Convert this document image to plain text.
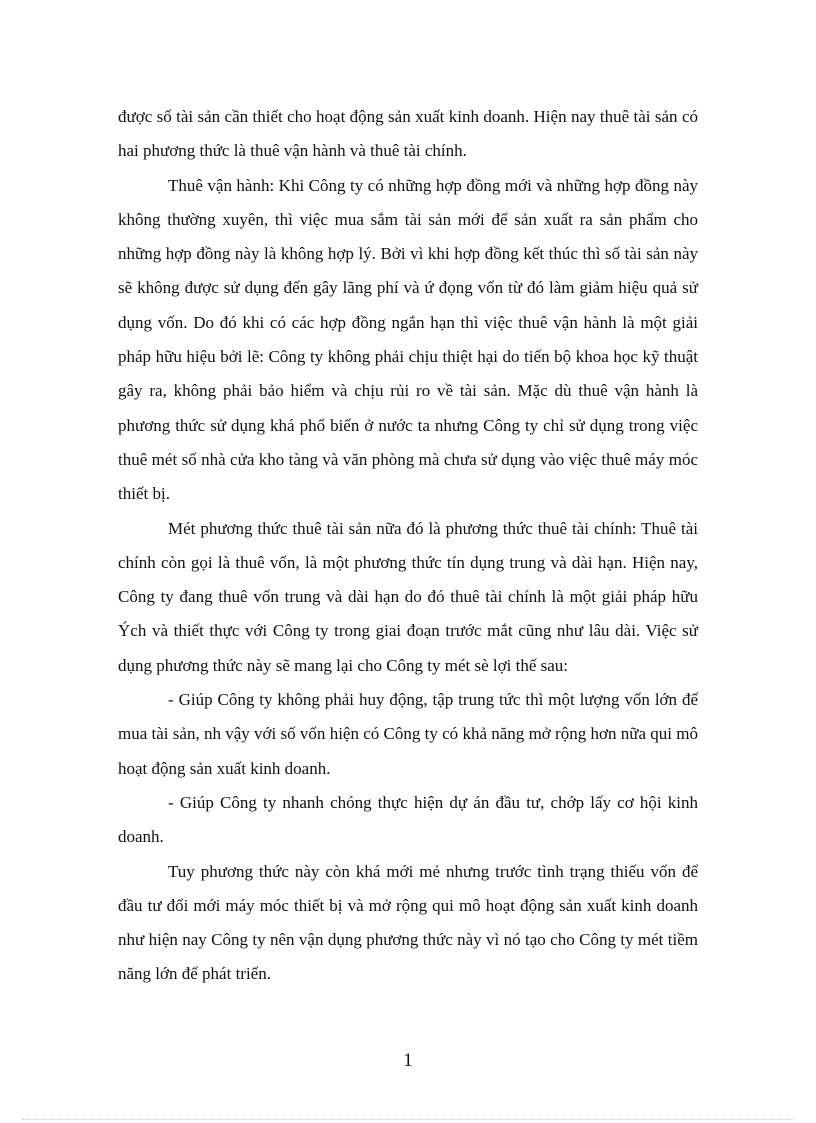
được số tài sản cần thiết cho hoạt động sản xuất kinh doanh. Hiện nay thuê tài sản có hai phương thức là thuê vận hành và thuê tài chính.

Thuê vận hành: Khi Công ty có những hợp đồng mới và những hợp đồng này không thường xuyên, thì việc mua sắm tài sản mới để sản xuất ra sản phẩm cho những hợp đồng này là không hợp lý. Bởi vì khi hợp đồng kết thúc thì số tài sản này sẽ không được sử dụng đến gây lãng phí và ứ đọng vốn từ đó làm giảm hiệu quả sử dụng vốn. Do đó khi có các hợp đồng ngắn hạn thì việc thuê vận hành là một giải pháp hữu hiệu bởi lẽ: Công ty không phải chịu thiệt hại do tiến bộ khoa học kỹ thuật gây ra, không phải bảo hiểm và chịu rủi ro về tài sản. Mặc dù thuê vận hành là phương thức sử dụng khá phổ biến ở nước ta nhưng Công ty chỉ sử dụng trong việc thuê mét số nhà cửa kho tàng và văn phòng mà chưa sử dụng vào việc thuê máy móc thiết bị.

Mét phương thức thuê tài sản nữa đó là phương thức thuê tài chính: Thuê tài chính còn gọi là thuê vốn, là một phương thức tín dụng trung và dài hạn. Hiện nay, Công ty đang thuê vốn trung và dài hạn do đó thuê tài chính là một giải pháp hữu Ých và thiết thực với Công ty trong giai đoạn trước mắt cũng như lâu dài. Việc sử dụng phương thức này sẽ mang lại cho Công ty mét sè lợi thế sau:

- Giúp Công ty không phải huy động, tập trung tức thì một lượng vốn lớn để mua tài sản, nh vậy với số vốn hiện có Công ty có khả năng mở rộng hơn nữa qui mô hoạt động sản xuất kinh doanh.

- Giúp Công ty nhanh chóng thực hiện dự án đầu tư, chớp lấy cơ hội kinh doanh.

Tuy phương thức này còn khá mới mẻ nhưng trước tình trạng thiếu vốn để đầu tư đổi mới máy móc thiết bị và mở rộng qui mô hoạt động sản xuất kinh doanh như hiện nay Công ty nên vận dụng phương thức này vì nó tạo cho Công ty mét tiềm năng lớn để phát triển.

1
